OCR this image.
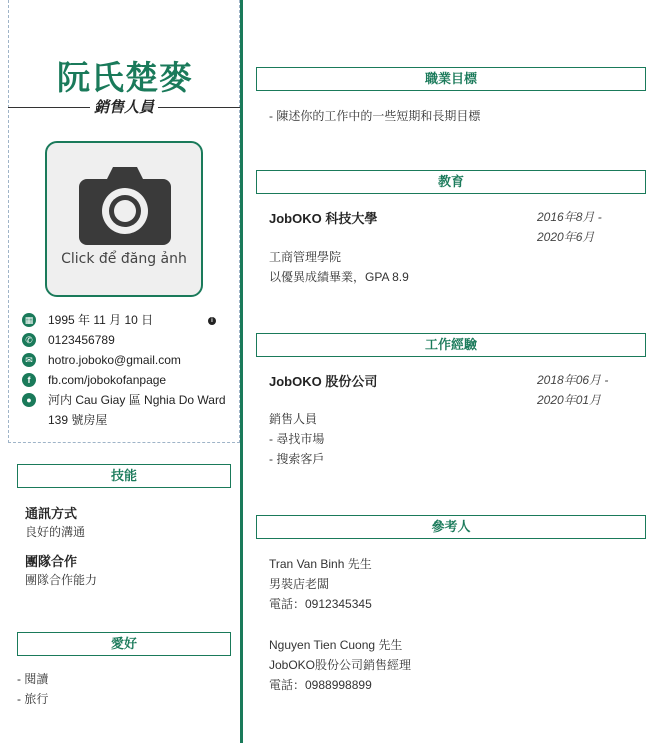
阮氏楚麥
銷售人員
Click để đăng ảnh
▦ 1995 年 11 月 10 日	i
✆ 0123456789
✉ hotro.joboko@gmail.com
f	fb.com/jobokofanpage
●	河内 Cau Giay 區 Nghia Do Ward
139 號房屋
技能
通訊方式
良好的溝通
團隊合作
團隊合作能力
愛好
- 閱讀
- 旅行
職業目標
- 陳述你的工作中的一些短期和長期目標
教育
JobOKO 科技大學	2016年8月 -
2020年6月
工商管理學院
以優異成績畢業，GPA 8.9
工作經驗
JobOKO 股份公司	2018年06月 -
2020年01月
銷售人員
- 尋找市場
- 搜索客戶
參考人
Tran Van Binh 先生
男裝店老闆
電話：0912345345
Nguyen Tien Cuong 先生
JobOKO股份公司銷售經理
電話：0988998899
